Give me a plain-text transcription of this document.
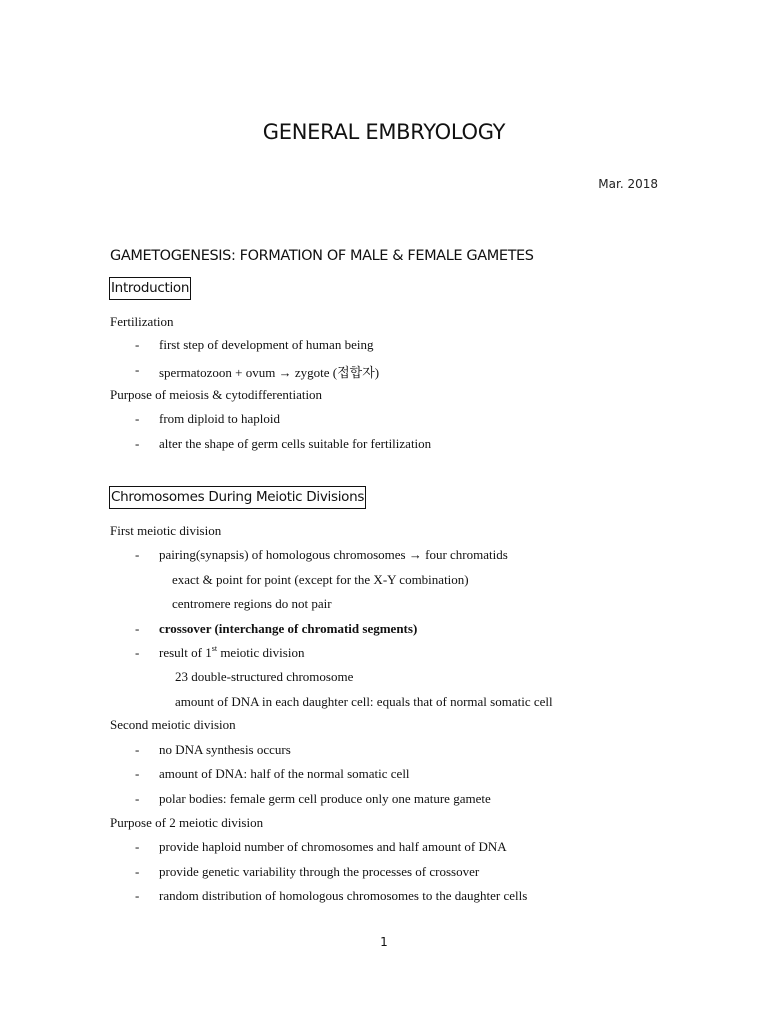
GENERAL EMBRYOLOGY
Mar. 2018
GAMETOGENESIS: FORMATION OF MALE & FEMALE GAMETES
Introduction
Fertilization
- first step of development of human being
- spermatozoon + ovum → zygote (접합자)
Purpose of meiosis & cytodifferentiation
- from diploid to haploid
- alter the shape of germ cells suitable for fertilization
Chromosomes During Meiotic Divisions
First meiotic division
- pairing(synapsis) of homologous chromosomes → four chromatids
exact & point for point (except for the X-Y combination)
centromere regions do not pair
- crossover (interchange of chromatid segments)
- result of 1st meiotic division
23 double-structured chromosome
amount of DNA in each daughter cell: equals that of normal somatic cell
Second meiotic division
- no DNA synthesis occurs
- amount of DNA: half of the normal somatic cell
- polar bodies: female germ cell produce only one mature gamete
Purpose of 2 meiotic division
- provide haploid number of chromosomes and half amount of DNA
- provide genetic variability through the processes of crossover
- random distribution of homologous chromosomes to the daughter cells
1
